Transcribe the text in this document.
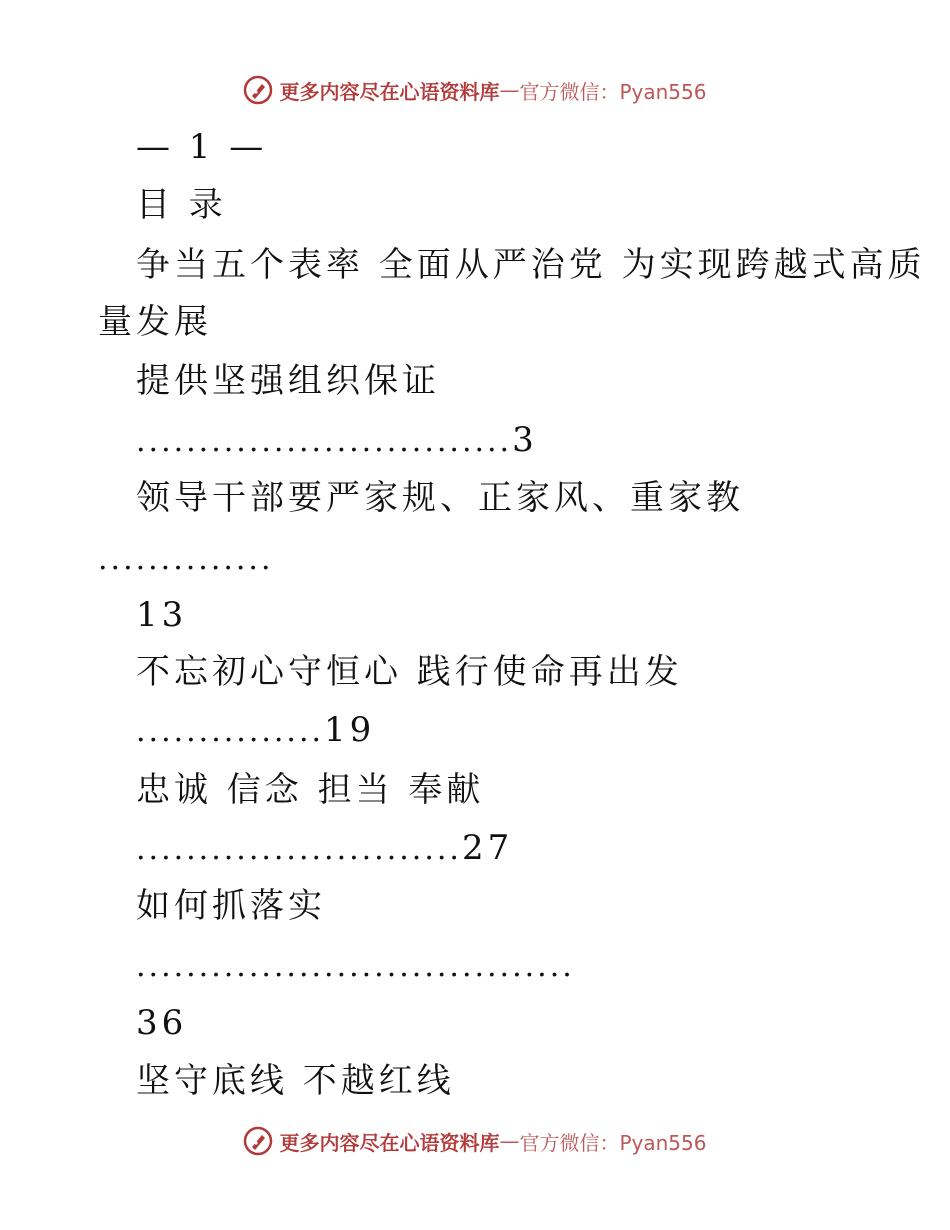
更多内容尽在心语资料库 — 官方微信：Pyan556
— 1 —
目 录
争当五个表率 全面从严治党 为实现跨越式高质
量发展
提供坚强组织保证
..............................3
领导干部要严家规、正家风、重家教
..............
13
不忘初心守恒心 践行使命再出发
...............19
忠诚 信念 担当 奉献
..........................27
如何抓落实
...................................
36
坚守底线 不越红线
更多内容尽在心语资料库 — 官方微信：Pyan556
